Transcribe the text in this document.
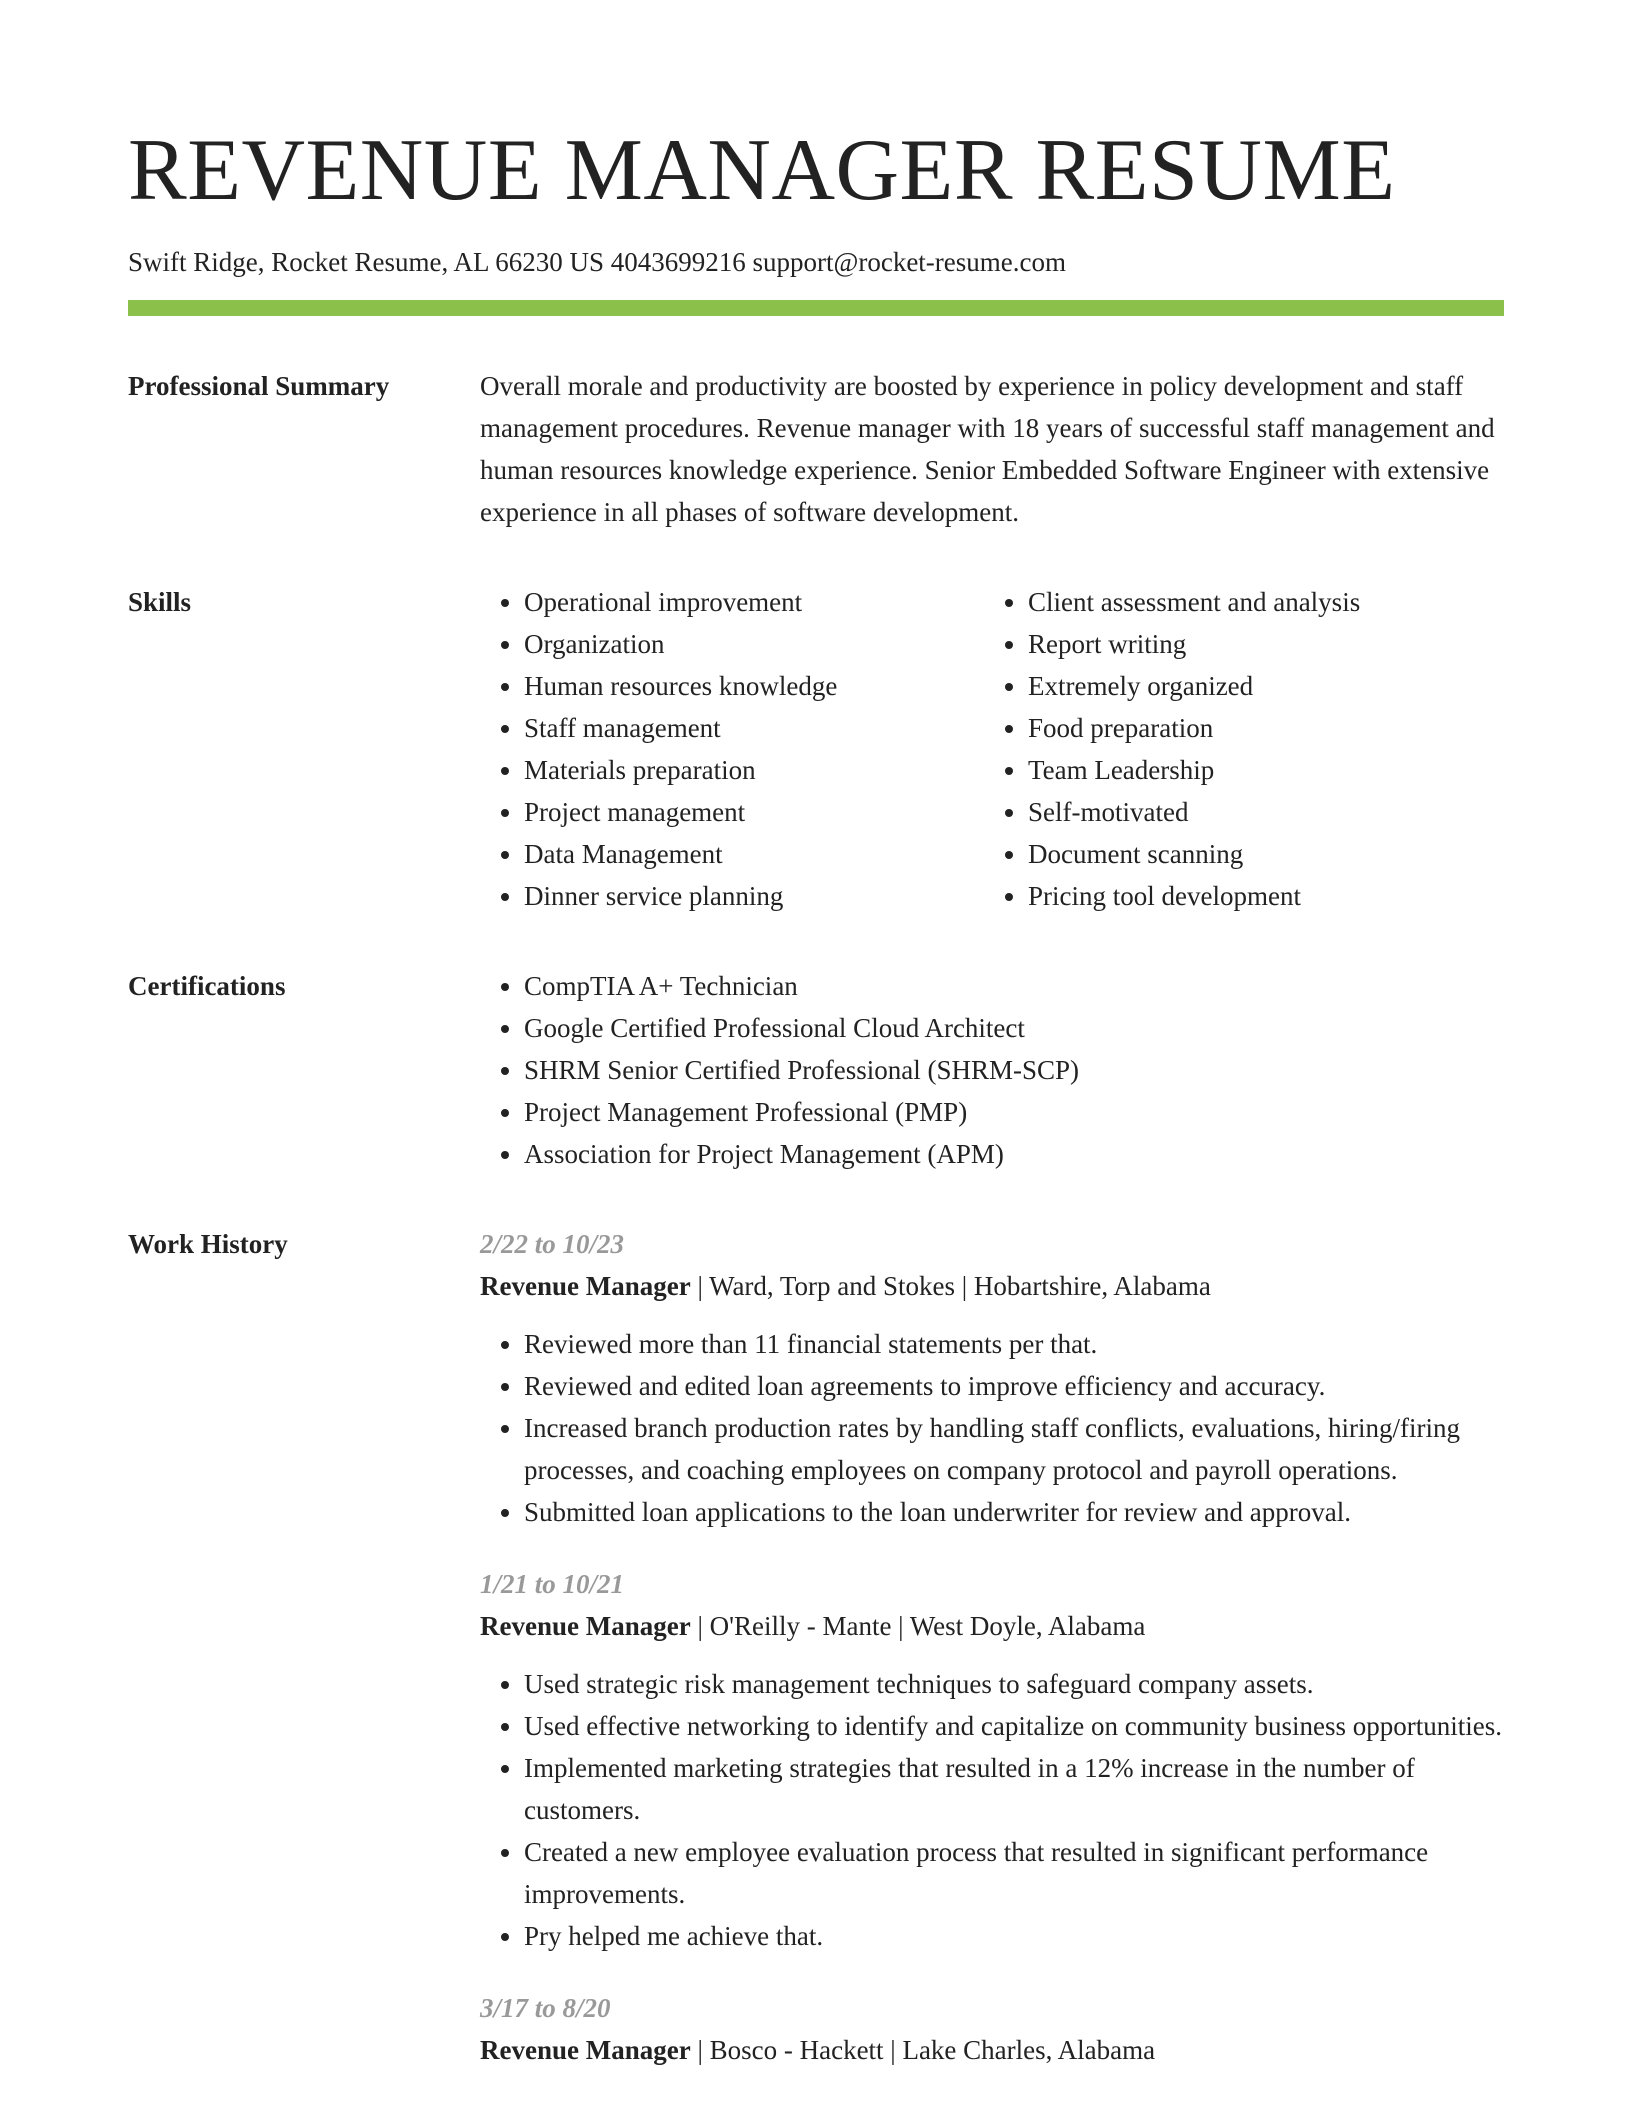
REVENUE MANAGER RESUME
Swift Ridge, Rocket Resume, AL 66230 US 4043699216 support@rocket-resume.com
Professional Summary	Overall morale and productivity are boosted by experience in policy development and staff management procedures. Revenue manager with 18 years of successful staff management and human resources knowledge experience. Senior Embedded Software Engineer with extensive experience in all phases of software development.

Skills	• Operational improvement
• Organization
• Human resources knowledge
• Staff management
• Materials preparation
• Project management
• Data Management
• Dinner service planning
• Client assessment and analysis
• Report writing
• Extremely organized
• Food preparation
• Team Leadership
• Self-motivated
• Document scanning
• Pricing tool development
Certifications	• CompTIA A+ Technician
• Google Certified Professional Cloud Architect
• SHRM Senior Certified Professional (SHRM-SCP)
• Project Management Professional (PMP)
• Association for Project Management (APM)
Work History	2/22 to 10/23
Revenue Manager | Ward, Torp and Stokes | Hobartshire, Alabama
• Reviewed more than 11 financial statements per that.
• Reviewed and edited loan agreements to improve efficiency and accuracy.
• Increased branch production rates by handling staff conflicts, evaluations, hiring/firing processes, and coaching employees on company protocol and payroll operations.
• Submitted loan applications to the loan underwriter for review and approval.
1/21 to 10/21
Revenue Manager | O'Reilly - Mante | West Doyle, Alabama
• Used strategic risk management techniques to safeguard company assets.
• Used effective networking to identify and capitalize on community business opportunities.
• Implemented marketing strategies that resulted in a 12% increase in the number of customers.
• Created a new employee evaluation process that resulted in significant performance improvements.
• Pry helped me achieve that.
3/17 to 8/20
Revenue Manager | Bosco - Hackett | Lake Charles, Alabama
